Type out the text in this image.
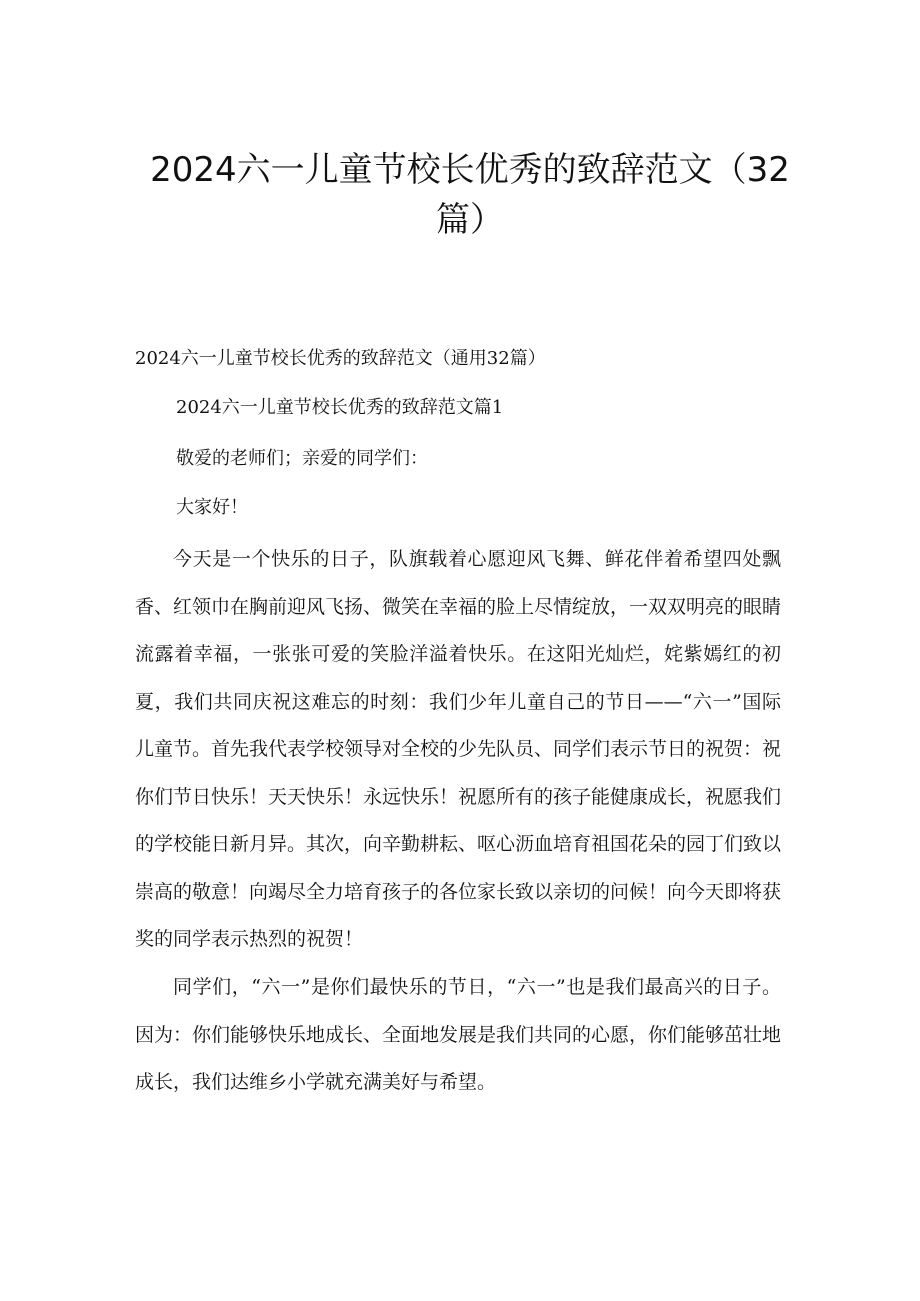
2024六一儿童节校长优秀的致辞范文（32篇）
2024六一儿童节校长优秀的致辞范文（通用32篇）
2024六一儿童节校长优秀的致辞范文篇1
敬爱的老师们；亲爱的同学们：
大家好！

今天是一个快乐的日子，队旗载着心愿迎风飞舞、鲜花伴着希望四处飘香、红领巾在胸前迎风飞扬、微笑在幸福的脸上尽情绽放，一双双明亮的眼睛流露着幸福，一张张可爱的笑脸洋溢着快乐。在这阳光灿烂，姹紫嫣红的初夏，我们共同庆祝这难忘的时刻：我们少年儿童自己的节日——“六一”国际儿童节。首先我代表学校领导对全校的少先队员、同学们表示节日的祝贺：祝你们节日快乐！天天快乐！永远快乐！祝愿所有的孩子能健康成长，祝愿我们的学校能日新月异。其次，向辛勤耕耘、呕心沥血培育祖国花朵的园丁们致以崇高的敬意！向竭尽全力培育孩子的各位家长致以亲切的问候！向今天即将获奖的同学表示热烈的祝贺！

同学们，“六一”是你们最快乐的节日，“六一”也是我们最高兴的日子。因为：你们能够快乐地成长、全面地发展是我们共同的心愿，你们能够茁壮地成长，我们达维乡小学就充满美好与希望。
